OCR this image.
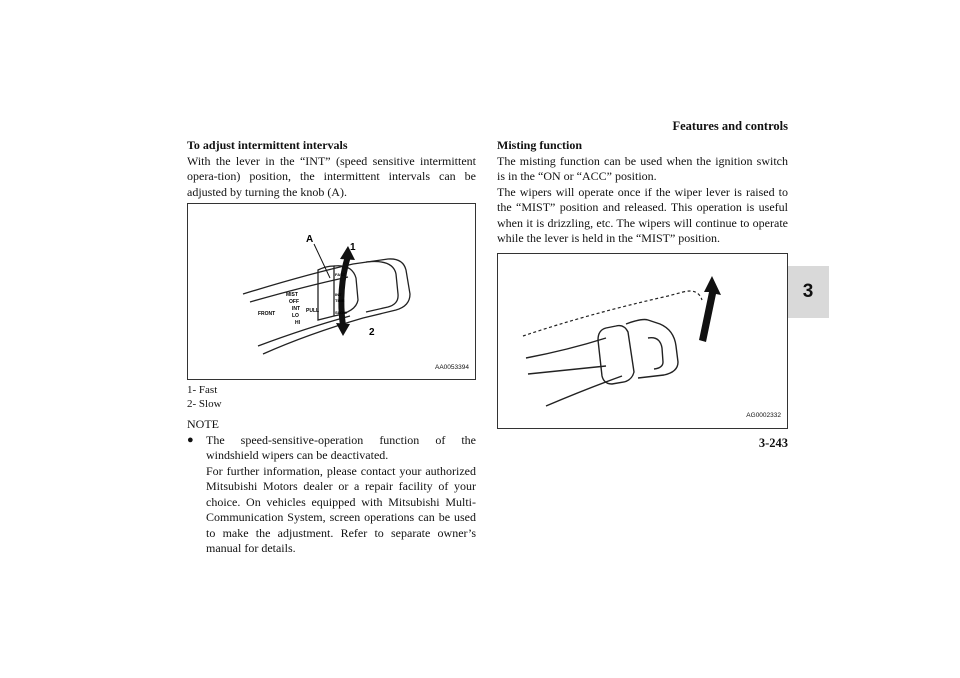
Features and controls
3

To adjust intermittent intervals

With the lever in the “INT” (speed sensitive intermittent opera-tion) position, the intermittent intervals can be adjusted by turning the knob (A).

A
1
2
MIST
OFF
INT
LO
HI
FRONT	PULL
FAST
INT
TIME
SLOW
AA0053394
1- Fast
2- Slow

NOTE

●	The speed-sensitive-operation function of the windshield wipers can be deactivated.

For further information, please contact your authorized Mitsubishi Motors dealer or a repair facility of your choice. On vehicles equipped with Mitsubishi Multi-Communication System, screen operations can be used to make the adjustment. Refer to separate owner’s manual for details.

Misting function

The misting function can be used when the ignition switch is in the “ON or “ACC” position.

The wipers will operate once if the wiper lever is raised to the “MIST” position and released. This operation is useful when it is drizzling, etc. The wipers will continue to operate while the lever is held in the “MIST” position.

AG0002332
3-243
